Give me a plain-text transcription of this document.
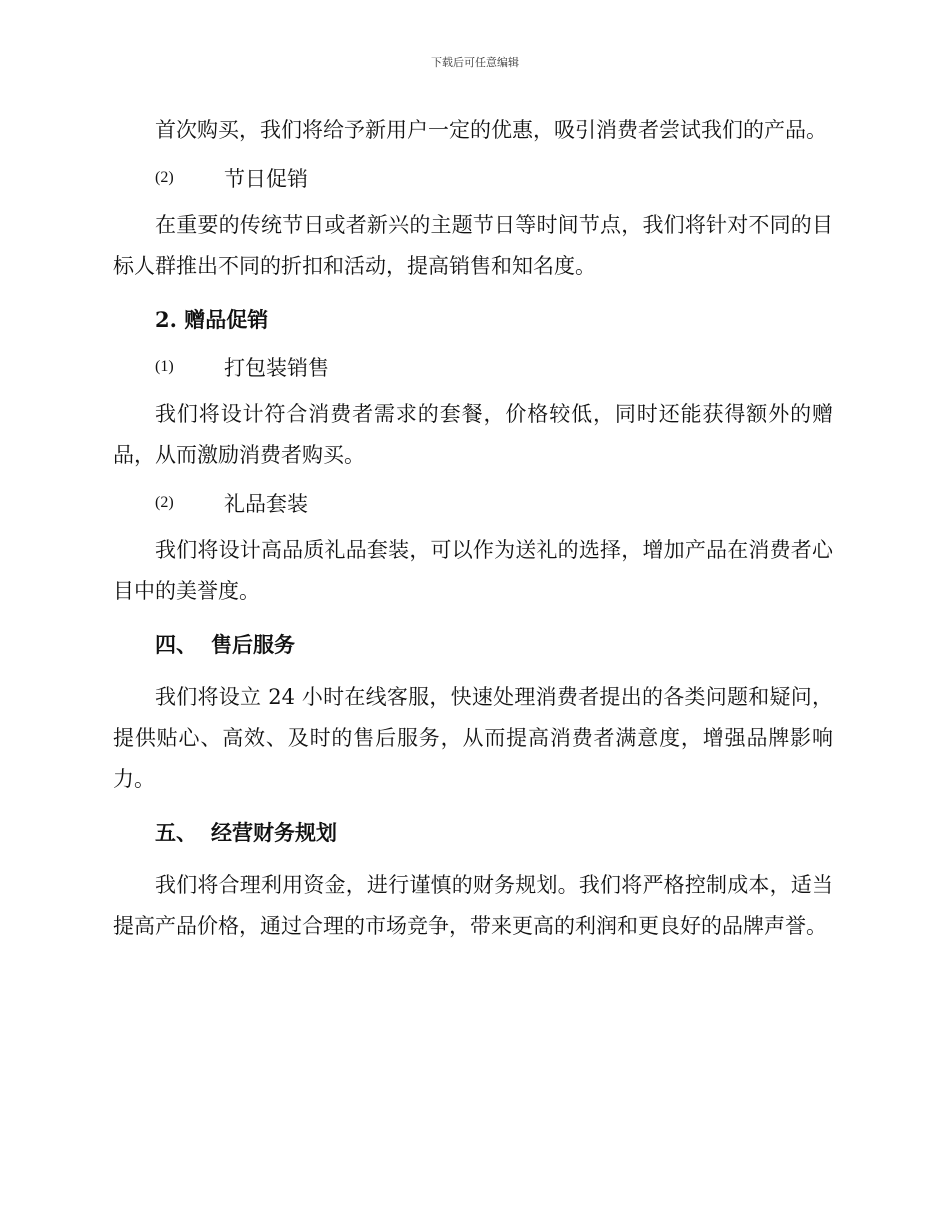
下载后可任意编辑

首次购买，我们将给予新用户一定的优惠，吸引消费者尝试我们的产品。

(2)	节日促销

在重要的传统节日或者新兴的主题节日等时间节点，我们将针对不同的目标人群推出不同的折扣和活动，提高销售和知名度。

2. 赠品促销

(1)	打包装销售

我们将设计符合消费者需求的套餐，价格较低，同时还能获得额外的赠品，从而激励消费者购买。

(2)	礼品套装

我们将设计高品质礼品套装，可以作为送礼的选择，增加产品在消费者心目中的美誉度。

四、 售后服务

我们将设立 24 小时在线客服，快速处理消费者提出的各类问题和疑问，提供贴心、高效、及时的售后服务，从而提高消费者满意度，增强品牌影响力。

五、 经营财务规划

我们将合理利用资金，进行谨慎的财务规划。我们将严格控制成本，适当提高产品价格，通过合理的市场竞争，带来更高的利润和更良好的品牌声誉。
